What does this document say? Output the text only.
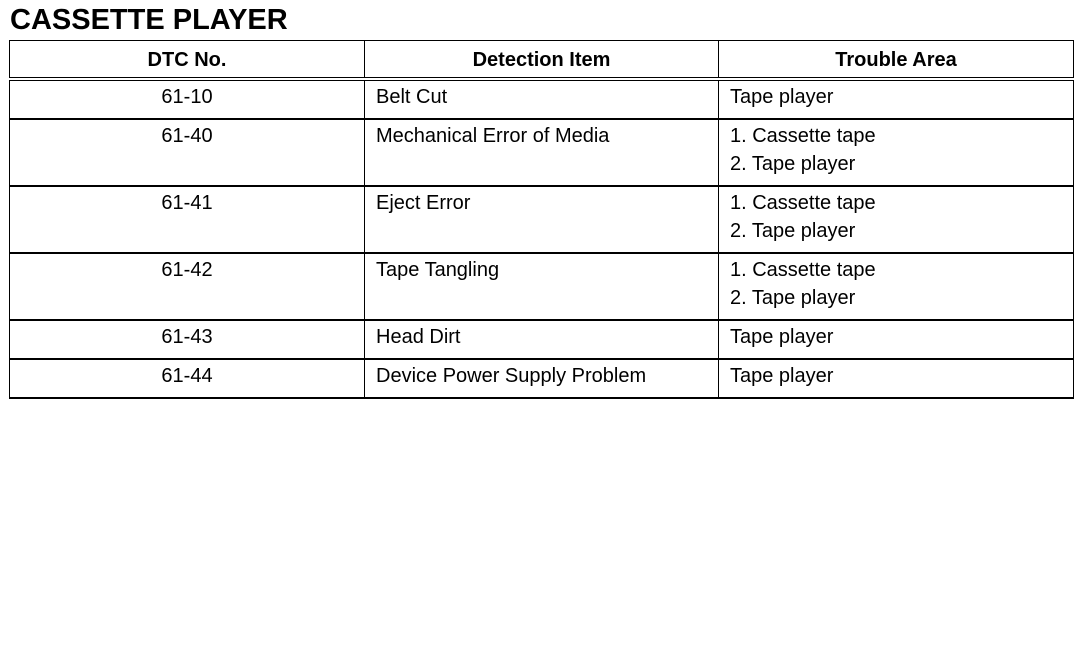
CASSETTE PLAYER
DTC No.	Detection Item	Trouble Area
61-10	Belt Cut	Tape player

61-40	Mechanical Error of Media	1. Cassette tape
2. Tape player

61-41	Eject Error	1. Cassette tape
2. Tape player

61-42	Tape Tangling	1. Cassette tape
2. Tape player

61-43	Head Dirt	Tape player

61-44	Device Power Supply Problem	Tape player
